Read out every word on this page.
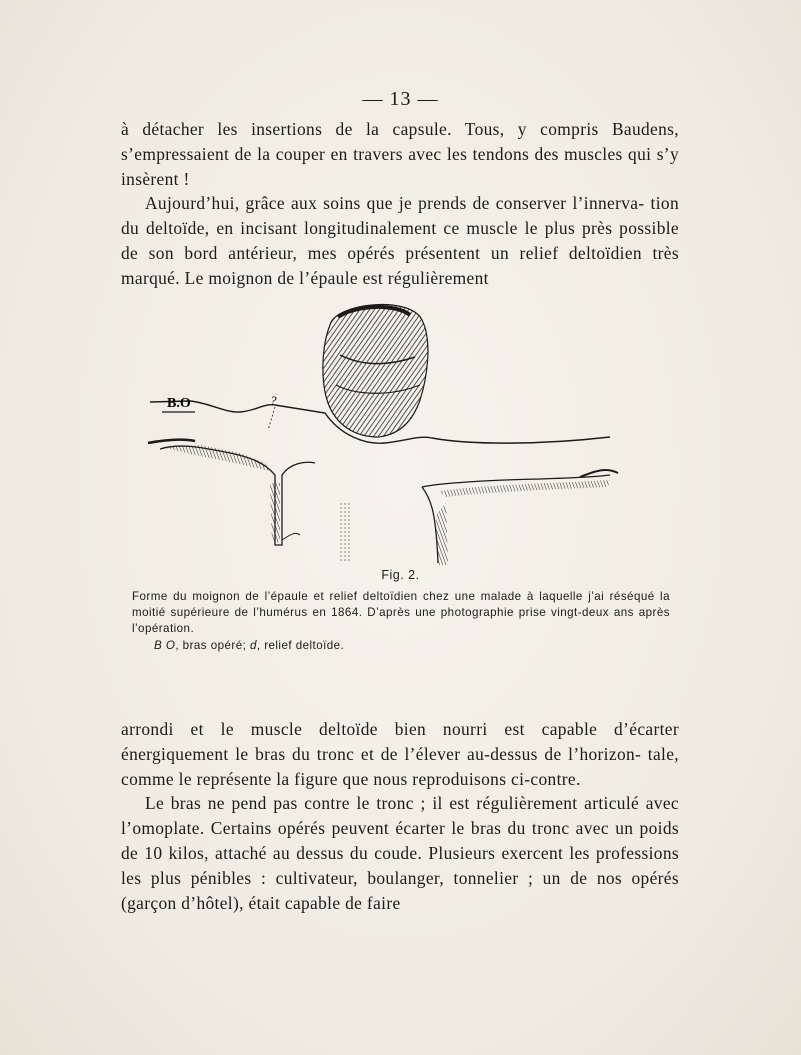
— 13 —

à détacher les insertions de la capsule. Tous, y compris Baudens, s’empressaient de la couper en travers avec les tendons des muscles qui s’y insèrent !

Aujourd’hui, grâce aux soins que je prends de conserver l’innerva- tion du deltoïde, en incisant longitudinalement ce muscle le plus près possible de son bord antérieur, mes opérés présentent un relief deltoïdien très marqué. Le moignon de l’épaule est régulièrement

B.O	?
Fig. 2.

Forme du moignon de l’épaule et relief deltoïdien chez une malade à laquelle j’ai réséqué la moitié supérieure de l’humérus en 1864. D’après une photographie prise vingt-deux ans après l’opération.

B O, bras opéré; d, relief deltoïde.

arrondi et le muscle deltoïde bien nourri est capable d’écarter énergiquement le bras du tronc et de l’élever au-dessus de l’horizon- tale, comme le représente la figure que nous reproduisons ci-contre.

Le bras ne pend pas contre le tronc ; il est régulièrement articulé avec l’omoplate. Certains opérés peuvent écarter le bras du tronc avec un poids de 10 kilos, attaché au dessus du coude. Plusieurs exercent les professions les plus pénibles : cultivateur, boulanger, tonnelier ; un de nos opérés (garçon d’hôtel), était capable de faire
